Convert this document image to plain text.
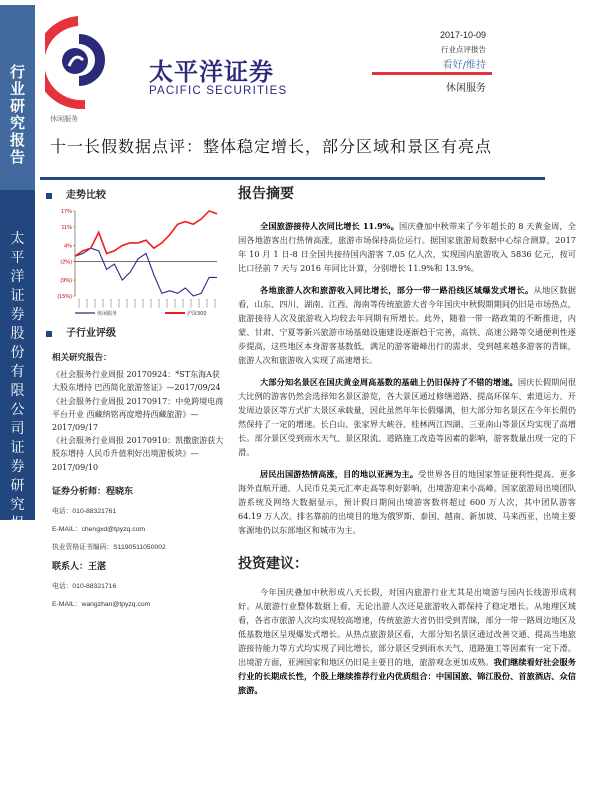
行
业
研
究
报
告
太
平
洋
证
券
股
份
有
限
公
司
证
券
研
究
报
告
太平洋证券
PACIFIC SECURITIES
2017-10-09
行业点评报告
看好/维持
休闲服务
休闲服务
十一长假数据点评：整体稳定增长，部分区域和景区有亮点
走势比较
17%
11%
4%
(2%)
(9%)
(15%)
休闲服务	沪深300
子行业评级
相关研究报告：
《社会服务行业周报 20170924：*ST东海A获大股东增持 巴西简化旅游签证》—2017/09/24
《社会服务行业周报 20170917：中免跨境电商平台开业 西藏纳铭再度增持西藏旅游》—2017/09/17
《社会服务行业周报 20170910：凯撒旅游获大股东增持 人民币升值利好出境游板块》—2017/09/10
证券分析师：程晓东
电话：010-88321761
E-MAIL：chengxd@tpyzq.com
执业资格证书编码：S1190511050002
联系人：王湛
电话：010-88321716
E-MAIL：wangzhan@tpyzq.com
报告摘要
全国旅游接待人次同比增长 11.9%。国庆叠加中秋带来了今年超长的 8 天黄金周，全国各地游客出行热情高涨，旅游市场保持高位运行。据国家旅游局数据中心综合测算，2017 年 10 月 1 日-8 日全国共接待国内游客 7.05 亿人次，实现国内旅游收入 5836 亿元，按可比口径前 7 天与 2016 年同比计算，分别增长 11.9%和 13.9%。
各地旅游人次和旅游收入同比增长，部分一带一路沿线区域爆发式增长。从地区数据看，山东、四川、湖南、江西、海南等传统旅游大省今年国庆中秋假期期间仍旧是市场热点，旅游接待人次及旅游收入均较去年同期有所增长。此外，随着一带一路政策的不断推进，内蒙、甘肃、宁夏等新兴旅游市场基础设施建设逐渐趋于完善，高铁、高速公路等交通便利性逐步提高，这些地区本身游客基数低，满足的游客避峰出行的需求，受到越来越多游客的青睐，旅游人次和旅游收入实现了高速增长。
大部分知名景区在国庆黄金周高基数的基础上仍旧保持了不错的增速。国庆长假期间很大比例的游客仍然会选择知名景区游览，各大景区通过修缮道路、提高环保车、索道运力、开发周边景区等方式扩大景区承载量，因此虽然年年长假爆满，但大部分知名景区在今年长假仍然保持了一定的增速。长白山、张家界大峡谷、桂林两江四湖、三亚南山等景区均实现了高增长。部分景区受到雨水天气、景区限流、道路施工改造等因素的影响，游客数量出现一定的下滑。
居民出国游热情高涨，目的地以亚洲为主。受世界各目的地国家签证便利性提高、更多海外直航开通、人民币兑美元汇率走高等利好影响，出境游迎来小高峰。国家旅游局出境团队游系统及网络大数据显示，预计假日期间出境游客数将超过 600 万人次，其中团队游客 64.19 万人次。排名靠前的出境目的地为俄罗斯、泰国、越南、新加坡、马来西亚，出境主要客源地仍以东部地区和城市为主。
投资建议：
今年国庆叠加中秋形成八天长假，对国内旅游行业尤其是出境游与国内长线游形成利好。从旅游行业整体数据上看，无论出游人次还是旅游收入都保持了稳定增长。从地理区域看，各省市旅游人次均实现较高增速，传统旅游大省仍旧受到青睐，部分一带一路周边地区及低基数地区呈现爆发式增长。从热点旅游景区看，大部分知名景区通过改善交通、提高当地旅游接待能力等方式均实现了同比增长，部分景区受到雨水天气、道路施工等因素有一定下滑。出境游方面，亚洲国家和地区仍旧是主要目的地，旅游观念更加成熟。我们继续看好社会服务行业的长期成长性，个股上继续推荐行业内优质组合：中国国旅、锦江股份、首旅酒店、众信旅游。
